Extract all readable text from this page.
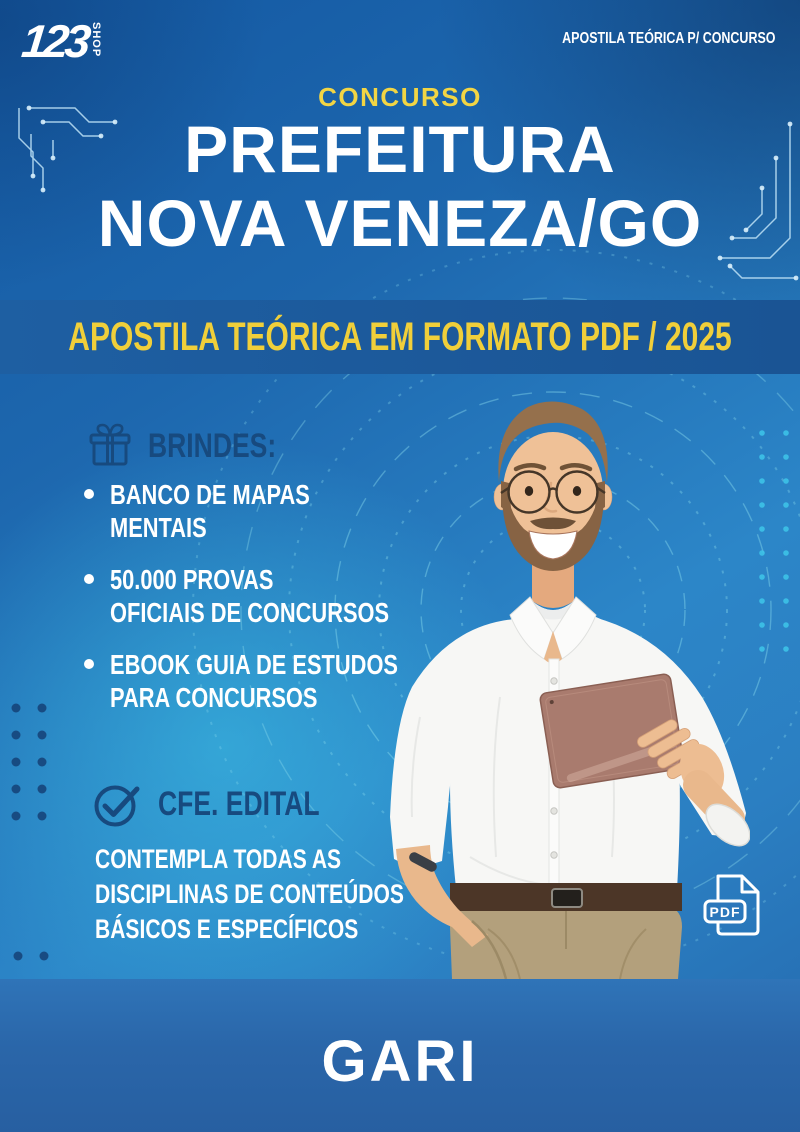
GARI
APOSTILA TEÓRICA EM FORMATO PDF / 2025
123 SHOP	APOSTILA TEÓRICA P/ CONCURSO
CONCURSO
PREFEITURA
NOVA VENEZA/GO
BRINDES:
BANCO DE MAPAS
MENTAIS
50.000 PROVAS
OFICIAIS DE CONCURSOS
EBOOK GUIA DE ESTUDOS
PARA CONCURSOS
CFE. EDITAL
CONTEMPLA TODAS AS
DISCIPLINAS DE CONTEÚDOS
BÁSICOS E ESPECÍFICOS
PDF
